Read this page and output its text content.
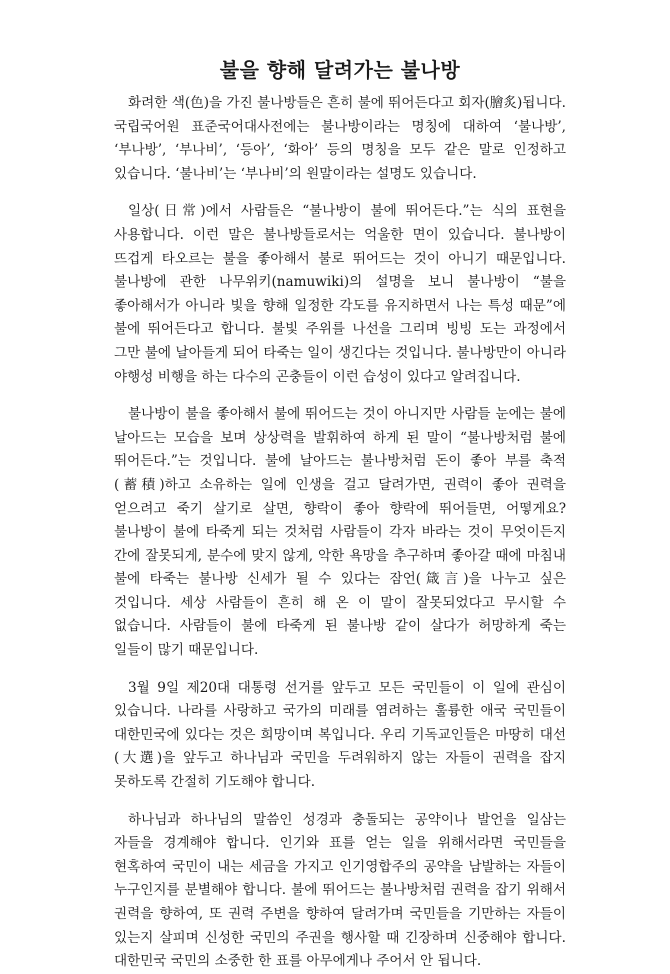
불을 향해 달려가는 불나방

화려한 색(色)을 가진 불나방들은 흔히 불에 뛰어든다고 회자(膾炙)됩니다. 국립국어원 표준국어대사전에는 불나방이라는 명칭에 대하여 ‘불나방’, ‘부나방’, ‘부나비’, ‘등아’, ‘화아’ 등의 명칭을 모두 같은 말로 인정하고 있습니다. ‘불나비’는 ‘부나비’의 원말이라는 설명도 있습니다.

일상(日常)에서 사람들은 “불나방이 불에 뛰어든다.”는 식의 표현을 사용합니다. 이런 말은 불나방들로서는 억울한 면이 있습니다. 불나방이 뜨겁게 타오르는 불을 좋아해서 불로 뛰어드는 것이 아니기 때문입니다. 불나방에 관한 나무위키(namuwiki)의 설명을 보니 불나방이 “불을 좋아해서가 아니라 빛을 향해 일정한 각도를 유지하면서 나는 특성 때문”에 불에 뛰어든다고 합니다. 불빛 주위를 나선을 그리며 빙빙 도는 과정에서 그만 불에 날아들게 되어 타죽는 일이 생긴다는 것입니다. 불나방만이 아니라 야행성 비행을 하는 다수의 곤충들이 이런 습성이 있다고 알려집니다.

불나방이 불을 좋아해서 불에 뛰어드는 것이 아니지만 사람들 눈에는 불에 날아드는 모습을 보며 상상력을 발휘하여 하게 된 말이 “불나방처럼 불에 뛰어든다.”는 것입니다. 불에 날아드는 불나방처럼 돈이 좋아 부를 축적(蓄積)하고 소유하는 일에 인생을 걸고 달려가면, 권력이 좋아 권력을 얻으려고 죽기 살기로 살면, 향락이 좋아 향락에 뛰어들면, 어떻게요? 불나방이 불에 타죽게 되는 것처럼 사람들이 각자 바라는 것이 무엇이든지 간에 잘못되게, 분수에 맞지 않게, 악한 욕망을 추구하며 좋아갈 때에 마침내 불에 타죽는 불나방 신세가 될 수 있다는 잠언(箴言)을 나누고 싶은 것입니다. 세상 사람들이 흔히 해 온 이 말이 잘못되었다고 무시할 수 없습니다. 사람들이 불에 타죽게 된 불나방 같이 살다가 허망하게 죽는 일들이 많기 때문입니다.

3월 9일 제20대 대통령 선거를 앞두고 모든 국민들이 이 일에 관심이 있습니다. 나라를 사랑하고 국가의 미래를 염려하는 훌륭한 애국 국민들이 대한민국에 있다는 것은 희망이며 복입니다. 우리 기독교인들은 마땅히 대선(大選)을 앞두고 하나님과 국민을 두려워하지 않는 자들이 권력을 잡지 못하도록 간절히 기도해야 합니다.

하나님과 하나님의 말씀인 성경과 충돌되는 공약이나 발언을 일삼는 자들을 경계해야 합니다. 인기와 표를 얻는 일을 위해서라면 국민들을 현혹하여 국민이 내는 세금을 가지고 인기영합주의 공약을 남발하는 자들이 누구인지를 분별해야 합니다. 불에 뛰어드는 불나방처럼 권력을 잡기 위해서 권력을 향하여, 또 권력 주변을 향하여 달려가며 국민들을 기만하는 자들이 있는지 살피며 신성한 국민의 주권을 행사할 때 긴장하며 신중해야 합니다. 대한민국 국민의 소중한 한 표를 아무에게나 주어서 안 됩니다.
